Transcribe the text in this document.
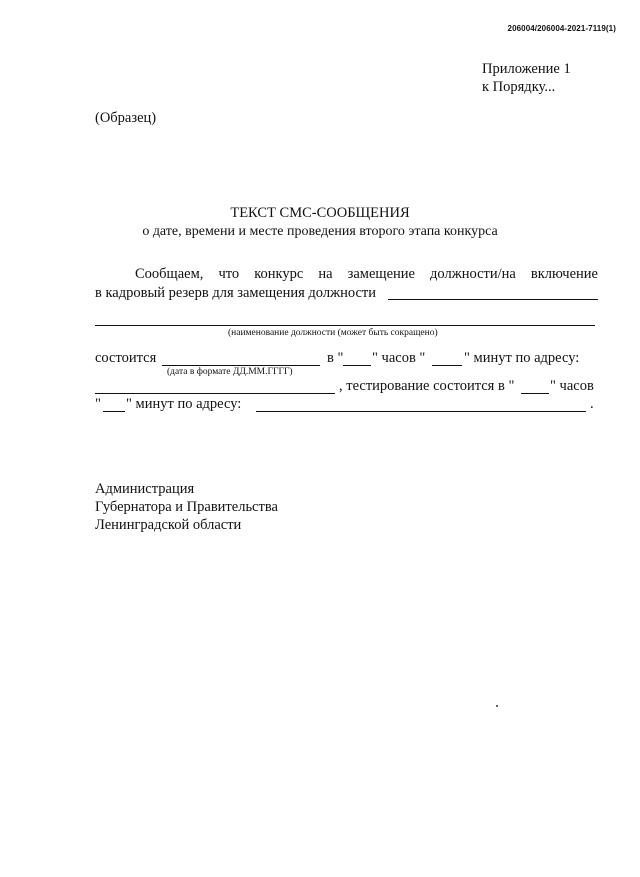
206004/206004-2021-7119(1)
Приложение 1
к Порядку...
(Образец)
ТЕКСТ СМС-СООБЩЕНИЯ
о дате, времени и месте проведения второго этапа конкурса
Сообщаем, что конкурс на замещение должности/на включение
в кадровый резерв для замещения должности
(наименование должности (может быть сокращено)
состоится	в " " часов "	" минут по адресу:
(дата в формате ДД.ММ.ГГГГ)
, тестирование состоится в " " часов
" " минут по адресу:	.
Администрация
Губернатора и Правительства
Ленинградской области
